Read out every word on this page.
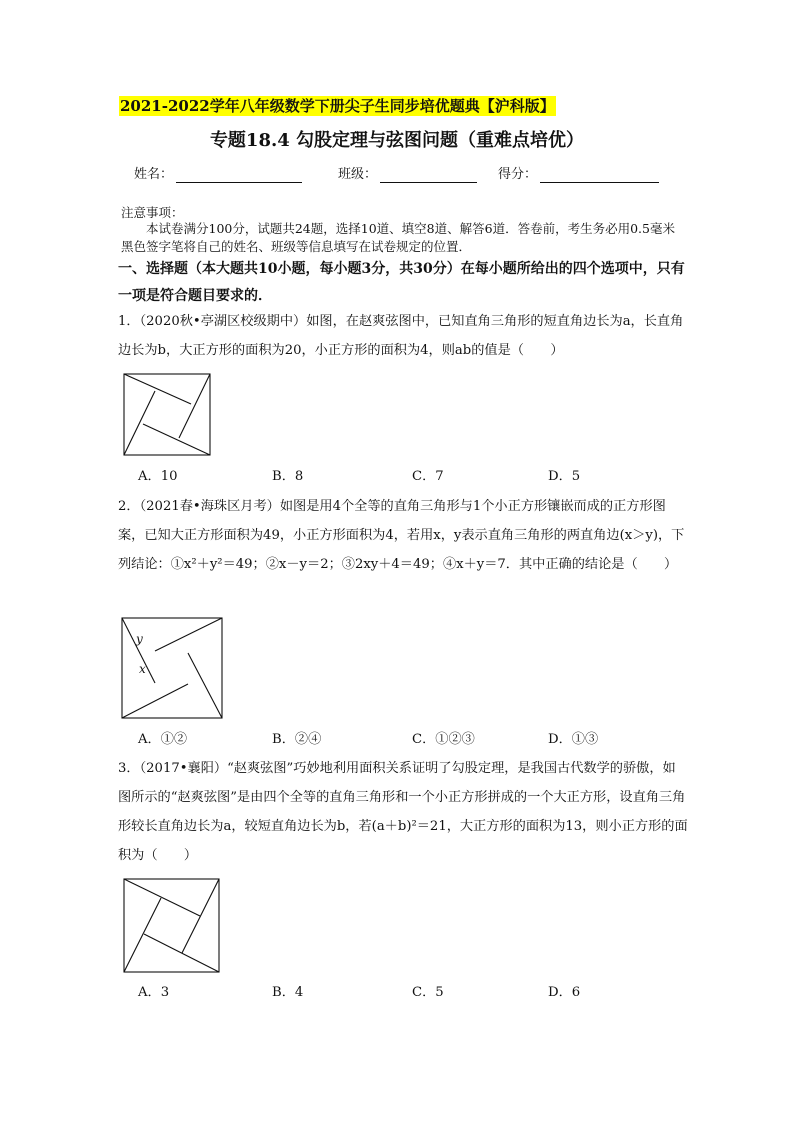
2021-2022学年八年级数学下册尖子生同步培优题典【沪科版】
专题18.4 勾股定理与弦图问题（重难点培优）
姓名：	班级：	得分：
注意事项：
本试卷满分100分，试题共24题，选择10道、填空8道、解答6道．答卷前，考生务必用0.5毫米黑色签字笔将自己的姓名、班级等信息填写在试卷规定的位置．
一、选择题（本大题共10小题，每小题3分，共30分）在每小题所给出的四个选项中，只有一项是符合题目要求的．
1．（2020秋•亭湖区校级期中）如图，在赵爽弦图中，已知直角三角形的短直角边长为a，长直角边长为b，大正方形的面积为20，小正方形的面积为4，则ab的值是（　　）
A．10	B．8	C．7	D．5
2．（2021春•海珠区月考）如图是用4个全等的直角三角形与1个小正方形镶嵌而成的正方形图案，已知大正方形面积为49，小正方形面积为4，若用x，y表示直角三角形的两直角边(x＞y)，下列结论：①x²＋y²＝49；②x－y＝2；③2xy＋4＝49；④x＋y＝7．其中正确的结论是（　　）
y
x
A．①②	B．②④	C．①②③	D．①③
3．（2017•襄阳）“赵爽弦图”巧妙地利用面积关系证明了勾股定理，是我国古代数学的骄傲，如图所示的“赵爽弦图”是由四个全等的直角三角形和一个小正方形拼成的一个大正方形，设直角三角形较长直角边长为a，较短直角边长为b，若(a＋b)²＝21，大正方形的面积为13，则小正方形的面积为（　　）
A．3	B．4	C．5	D．6
